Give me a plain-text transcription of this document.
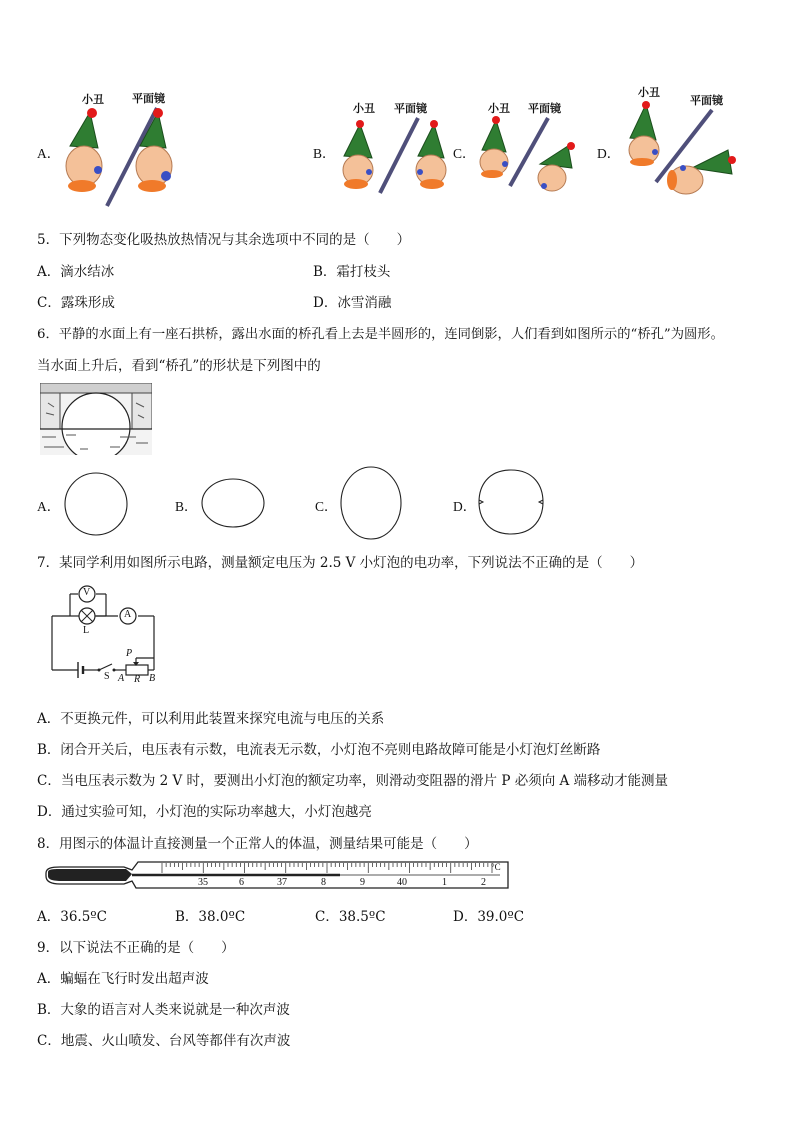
A．	B．	C．	D．
小丑	平面镜
小丑 平面镜	小丑 平面镜
小丑
平面镜
5．下列物态变化吸热放热情况与其余选项中不同的是（　　）
A．滴水结冰	B．霜打枝头
C．露珠形成	D．冰雪消融
6．平静的水面上有一座石拱桥，露出水面的桥孔看上去是半圆形的，连同倒影，人们看到如图所示的“桥孔”为圆形。
当水面上升后，看到“桥孔”的形状是下列图中的
A．	B．	C．	D．
7．某同学利用如图所示电路，测量额定电压为 2.5 V 小灯泡的电功率，下列说法不正确的是（　　）
V
A
L
S
P
A R B
A．不更换元件，可以利用此装置来探究电流与电压的关系
B．闭合开关后，电压表有示数，电流表无示数，小灯泡不亮则电路故障可能是小灯泡灯丝断路
C．当电压表示数为 2 V 时，要测出小灯泡的额定功率，则滑动变阻器的滑片 P 必须向 A 端移动才能测量
D．通过实验可知，小灯泡的实际功率越大，小灯泡越亮
8．用图示的体温计直接测量一个正常人的体温，测量结果可能是（　　）
35	6	37	8	9	40	1	2
°C
A．36.5ºC	B．38.0ºC	C．38.5ºC	D．39.0ºC
9．以下说法不正确的是（　　）
A．蝙蝠在飞行时发出超声波
B．大象的语言对人类来说就是一种次声波
C．地震、火山喷发、台风等都伴有次声波
